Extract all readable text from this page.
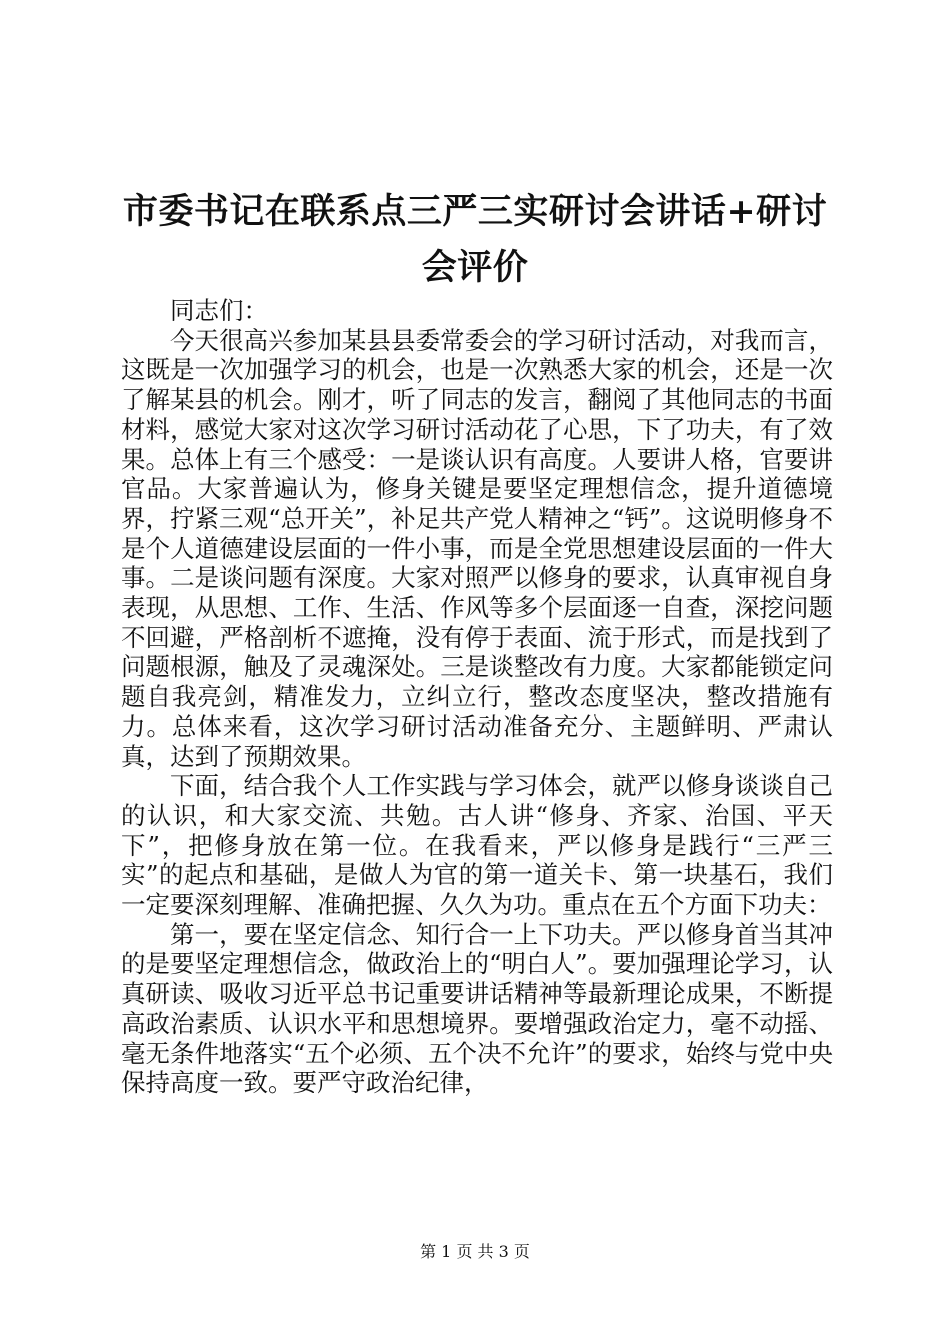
市委书记在联系点三严三实研讨会讲话+研讨会评价

同志们：

今天很高兴参加某县县委常委会的学习研讨活动，对我而言，这既是一次加强学习的机会，也是一次熟悉大家的机会，还是一次了解某县的机会。刚才，听了同志的发言，翻阅了其他同志的书面材料，感觉大家对这次学习研讨活动花了心思，下了功夫，有了效果。总体上有三个感受：一是谈认识有高度。人要讲人格，官要讲官品。大家普遍认为，修身关键是要坚定理想信念，提升道德境界，拧紧三观“总开关”，补足共产党人精神之“钙”。这说明修身不是个人道德建设层面的一件小事，而是全党思想建设层面的一件大事。二是谈问题有深度。大家对照严以修身的要求，认真审视自身表现，从思想、工作、生活、作风等多个层面逐一自查，深挖问题不回避，严格剖析不遮掩，没有停于表面、流于形式，而是找到了问题根源，触及了灵魂深处。三是谈整改有力度。大家都能锁定问题自我亮剑，精准发力，立纠立行，整改态度坚决，整改措施有力。总体来看，这次学习研讨活动准备充分、主题鲜明、严肃认真，达到了预期效果。

下面，结合我个人工作实践与学习体会，就严以修身谈谈自己的认识，和大家交流、共勉。古人讲“修身、齐家、治国、平天下”，把修身放在第一位。在我看来，严以修身是践行“三严三实”的起点和基础，是做人为官的第一道关卡、第一块基石，我们一定要深刻理解、准确把握、久久为功。重点在五个方面下功夫：

第一，要在坚定信念、知行合一上下功夫。严以修身首当其冲的是要坚定理想信念，做政治上的“明白人”。要加强理论学习，认真研读、吸收习近平总书记重要讲话精神等最新理论成果，不断提高政治素质、认识水平和思想境界。要增强政治定力，毫不动摇、毫无条件地落实“五个必须、五个决不允许”的要求，始终与党中央保持高度一致。要严守政治纪律，

第 1 页 共 3 页
